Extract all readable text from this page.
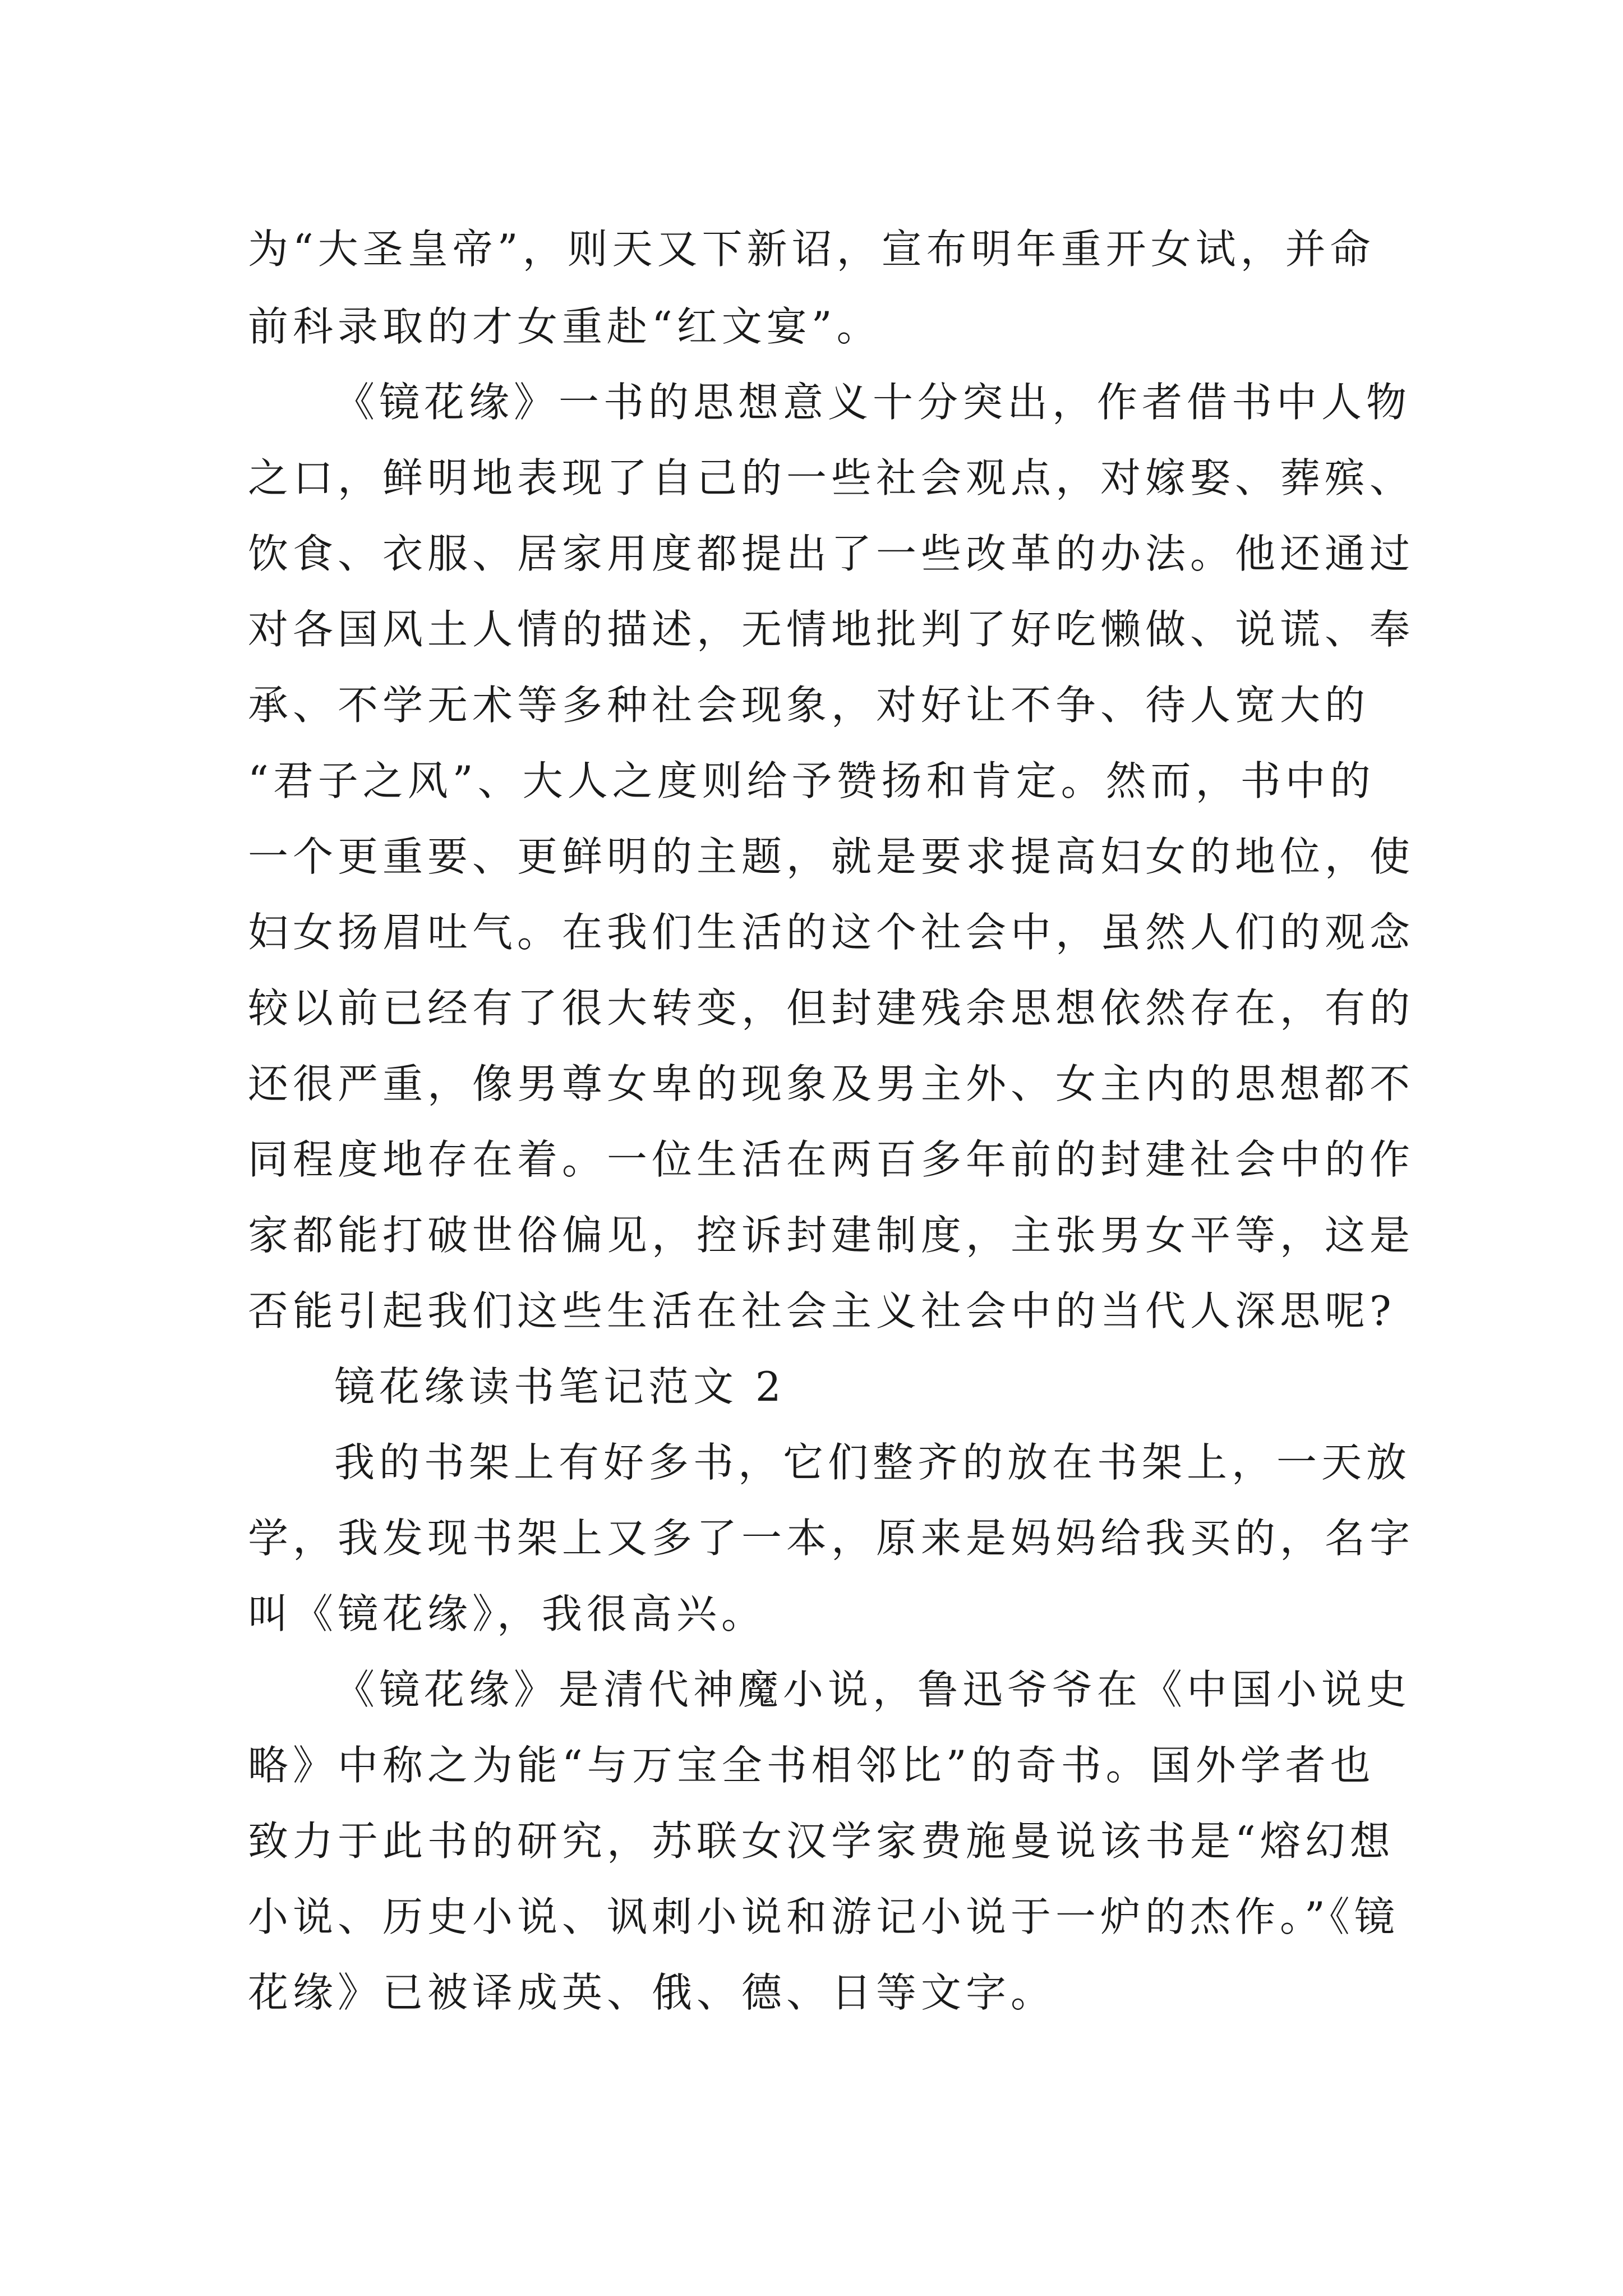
为“大圣皇帝”，则天又下新诏，宣布明年重开女试，并命
前科录取的才女重赴“红文宴”。
《镜花缘》一书的思想意义十分突出，作者借书中人物
之口，鲜明地表现了自己的一些社会观点，对嫁娶、葬殡、
饮食、衣服、居家用度都提出了一些改革的办法。他还通过
对各国风土人情的描述，无情地批判了好吃懒做、说谎、奉
承、不学无术等多种社会现象，对好让不争、待人宽大的
“君子之风”、大人之度则给予赞扬和肯定。然而，书中的
一个更重要、更鲜明的主题，就是要求提高妇女的地位，使
妇女扬眉吐气。在我们生活的这个社会中，虽然人们的观念
较以前已经有了很大转变，但封建残余思想依然存在，有的
还很严重，像男尊女卑的现象及男主外、女主内的思想都不
同程度地存在着。一位生活在两百多年前的封建社会中的作
家都能打破世俗偏见，控诉封建制度，主张男女平等，这是
否能引起我们这些生活在社会主义社会中的当代人深思呢?
镜花缘读书笔记范文 2
我的书架上有好多书，它们整齐的放在书架上，一天放
学，我发现书架上又多了一本，原来是妈妈给我买的，名字
叫《镜花缘》，我很高兴。
《镜花缘》是清代神魔小说，鲁迅爷爷在《中国小说史
略》中称之为能“与万宝全书相邻比”的奇书。国外学者也
致力于此书的研究，苏联女汉学家费施曼说该书是“熔幻想
小说、历史小说、讽刺小说和游记小说于一炉的杰作。”《镜
花缘》已被译成英、俄、德、日等文字。
